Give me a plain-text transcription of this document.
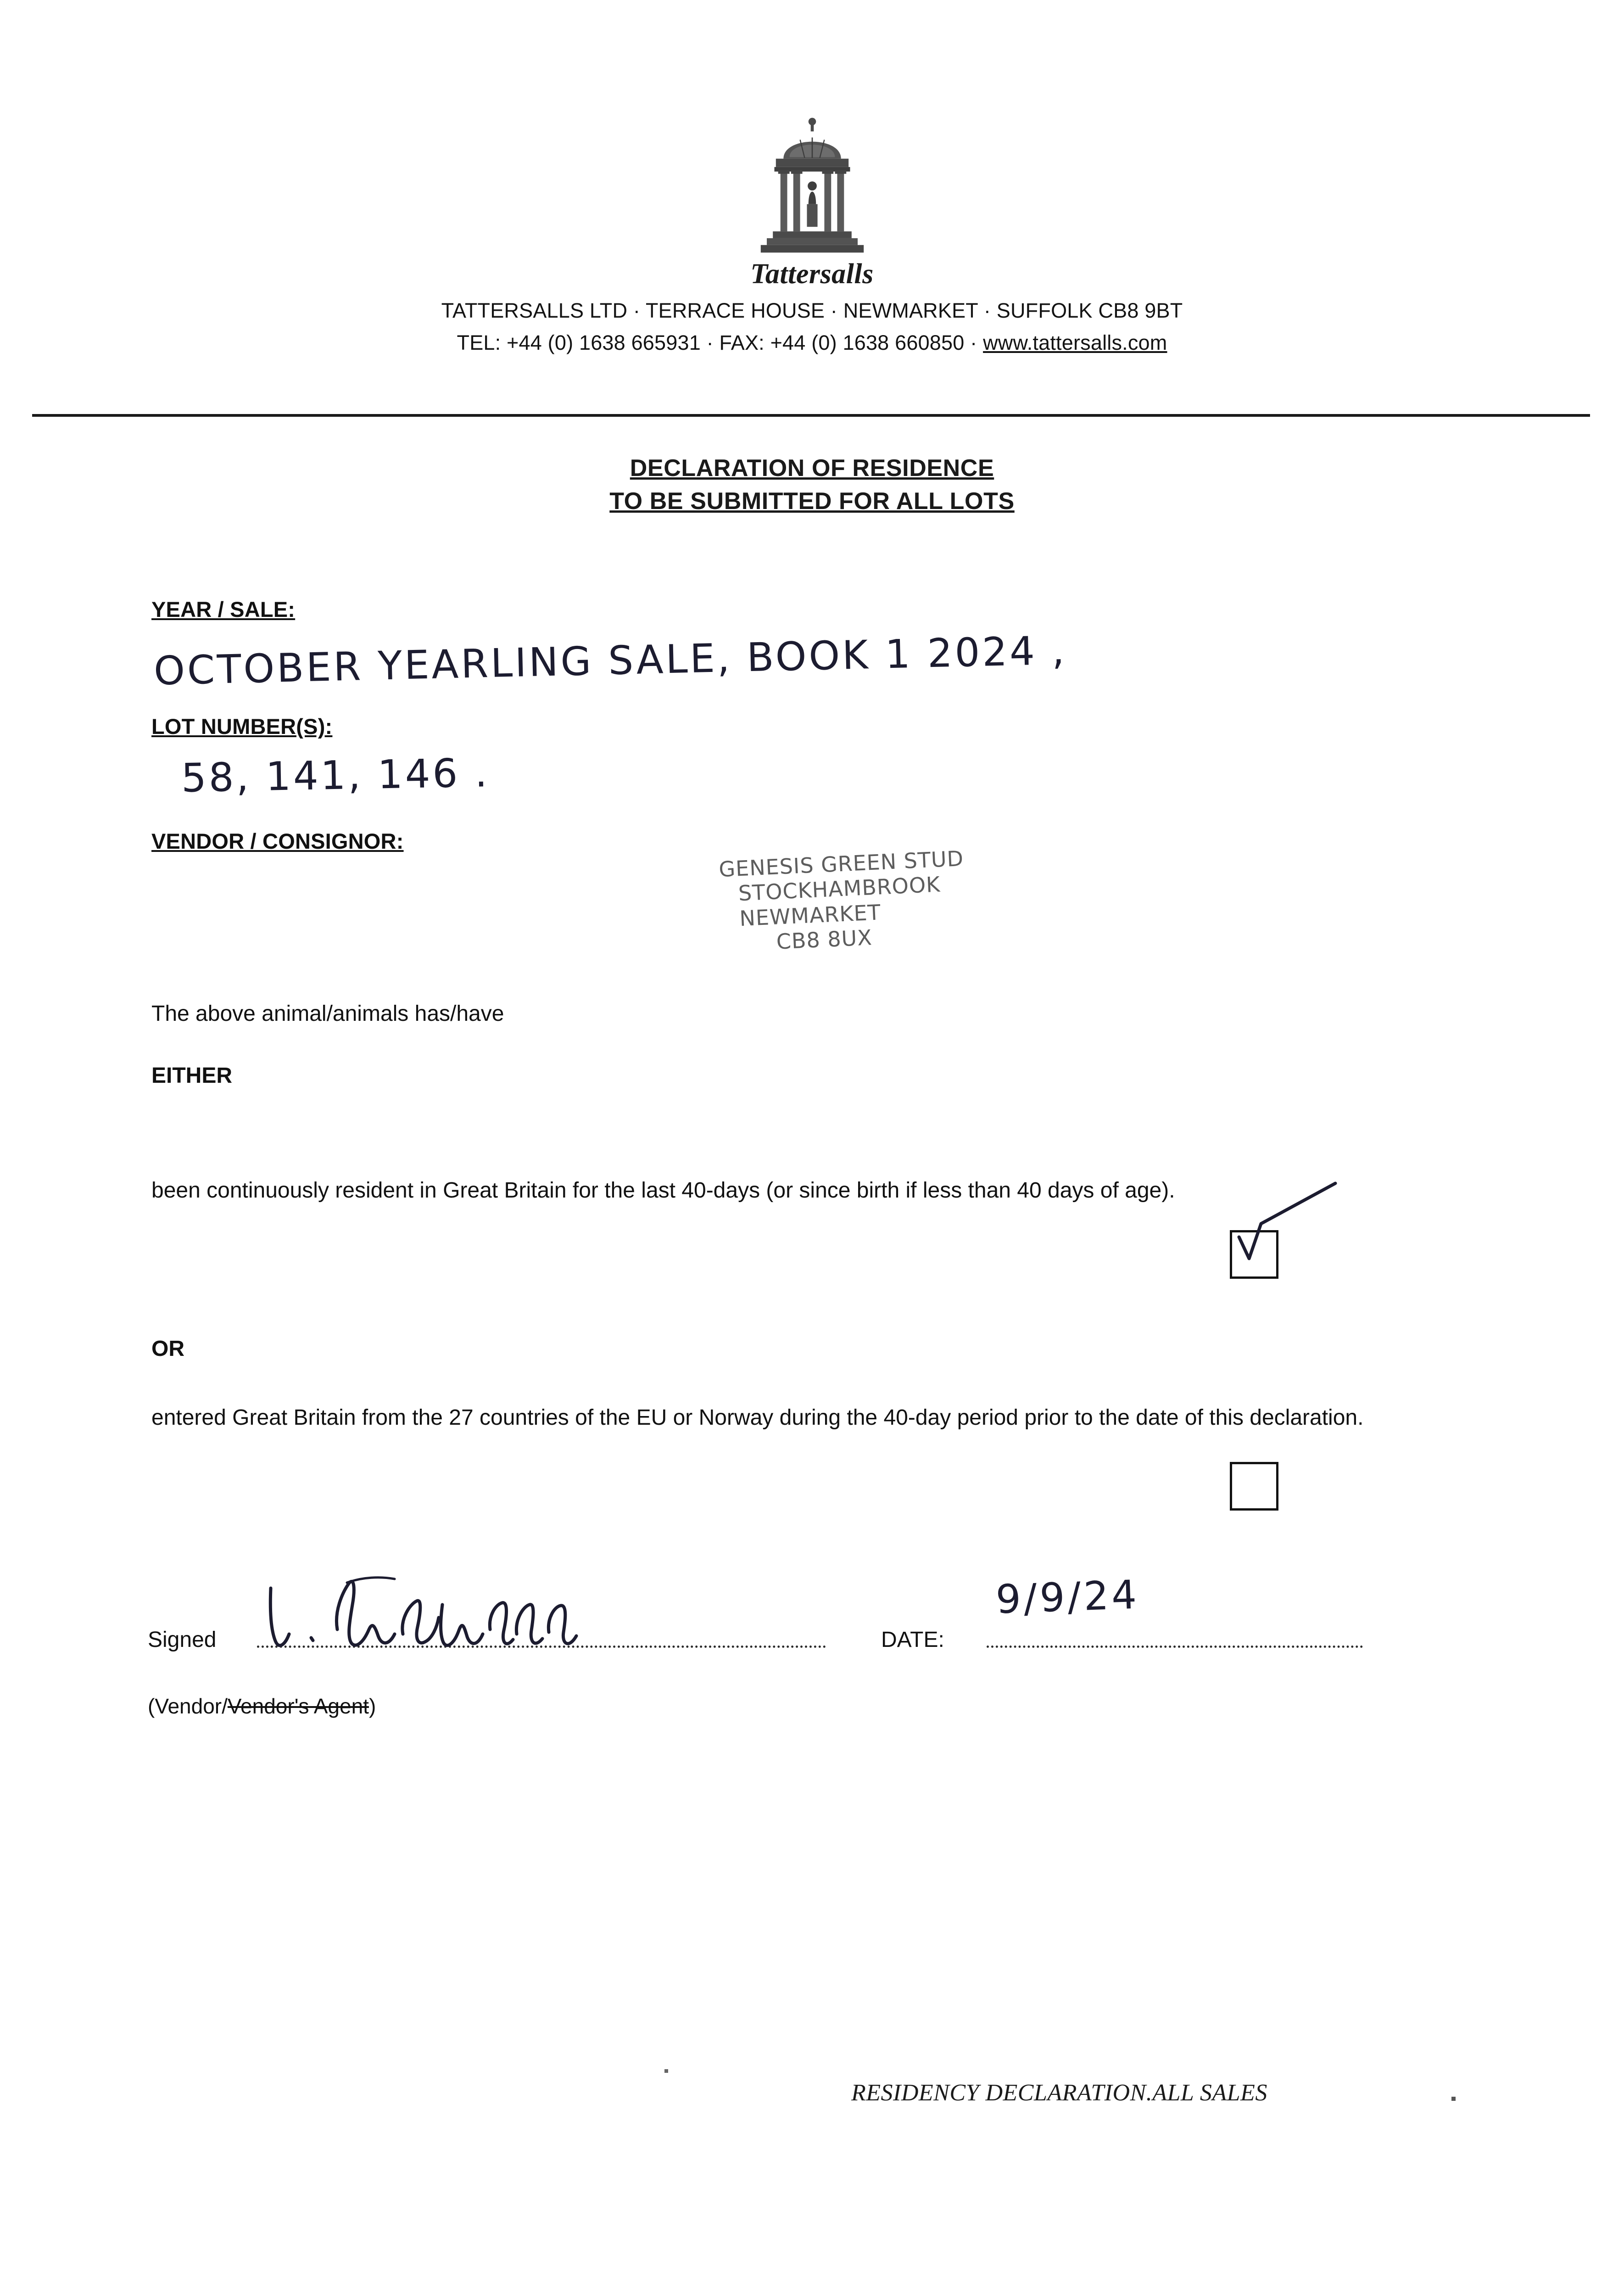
Tattersalls
TATTERSALLS LTD · TERRACE HOUSE · NEWMARKET · SUFFOLK CB8 9BT
TEL: +44 (0) 1638 665931 · FAX: +44 (0) 1638 660850 · www.tattersalls.com
DECLARATION OF RESIDENCE
TO BE SUBMITTED FOR ALL LOTS
YEAR / SALE:
OCTOBER YEARLING SALE, BOOK 1 2024 ,
LOT NUMBER(S):
58, 141, 146 .
VENDOR / CONSIGNOR:
GENESIS GREEN STUD
STOCKHAMBROOK
NEWMARKET
CB8 8UX
The above animal/animals has/have
EITHER
been continuously resident in Great Britain for the last 40-days (or since birth if less than 40 days of age).
OR
entered Great Britain from the 27 countries of the EU or Norway during the 40-day period prior to the date of this declaration.
Signed	DATE:
9/9/24
(Vendor/Vendor's Agent)
RESIDENCY DECLARATION.ALL SALES
